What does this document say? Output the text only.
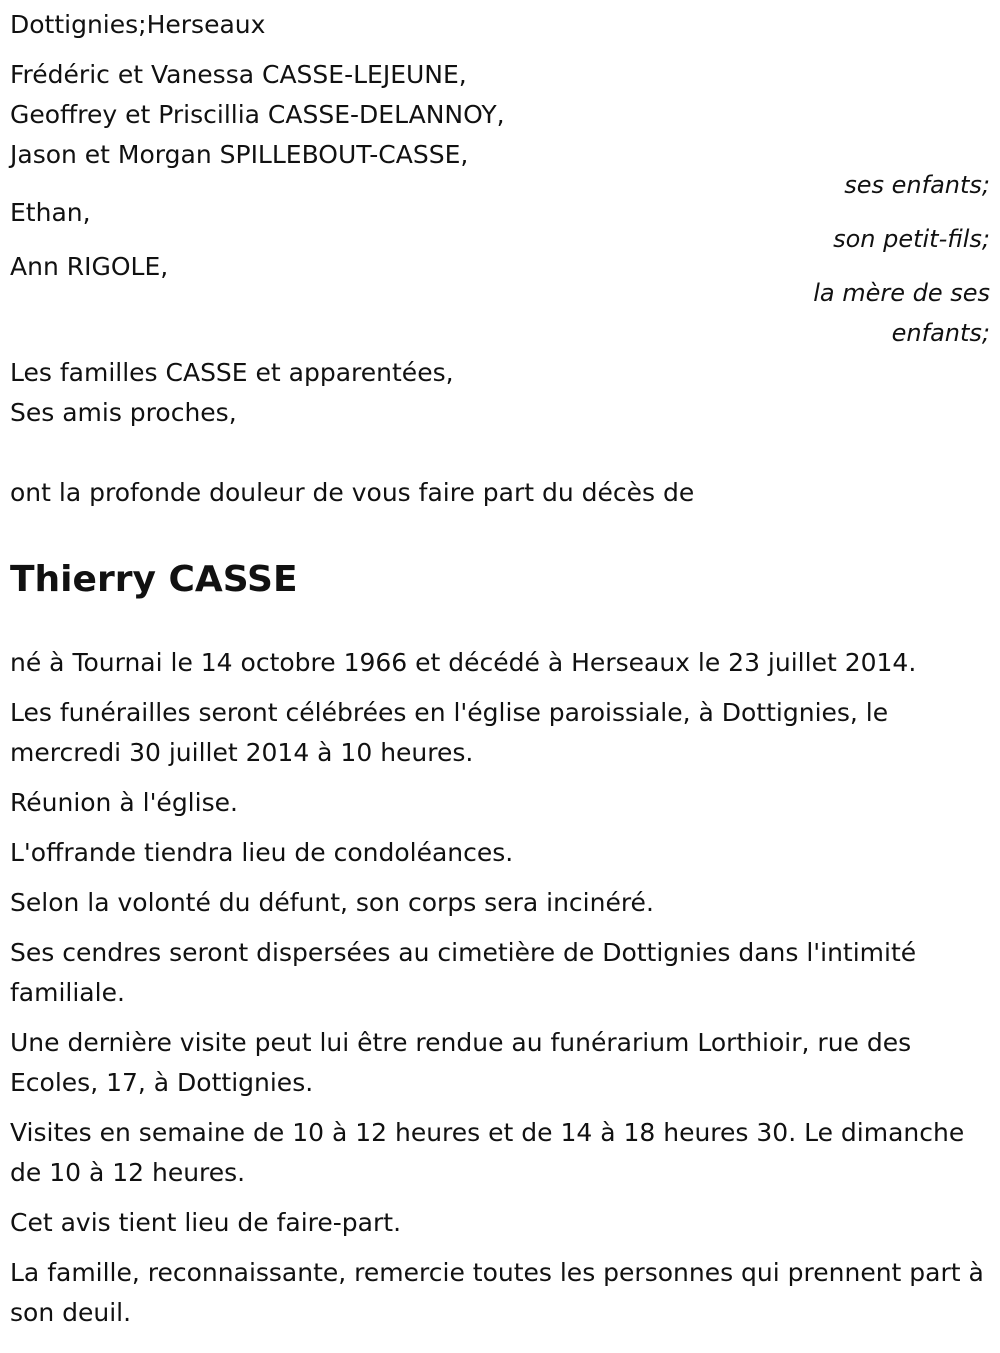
Dottignies;Herseaux
Frédéric et Vanessa CASSE-LEJEUNE,
Geoffrey et Priscillia CASSE-DELANNOY,
Jason et Morgan SPILLEBOUT-CASSE,
ses enfants;
Ethan,
son petit-fils;
Ann RIGOLE,
la mère de ses
enfants;
Les familles CASSE et apparentées,
Ses amis proches,
ont la profonde douleur de vous faire part du décès de
Thierry CASSE
né à Tournai le 14 octobre 1966 et décédé à Herseaux le 23 juillet 2014.
Les funérailles seront célébrées en l'église paroissiale, à Dottignies, le mercredi 30 juillet 2014 à 10 heures.
Réunion à l'église.
L'offrande tiendra lieu de condoléances.
Selon la volonté du défunt, son corps sera incinéré.
Ses cendres seront dispersées au cimetière de Dottignies dans l'intimité familiale.
Une dernière visite peut lui être rendue au funérarium Lorthioir, rue des Ecoles, 17, à Dottignies.
Visites en semaine de 10 à 12 heures et de 14 à 18 heures 30. Le dimanche de 10 à 12 heures.
Cet avis tient lieu de faire-part.
La famille, reconnaissante, remercie toutes les personnes qui prennent part à son deuil.
